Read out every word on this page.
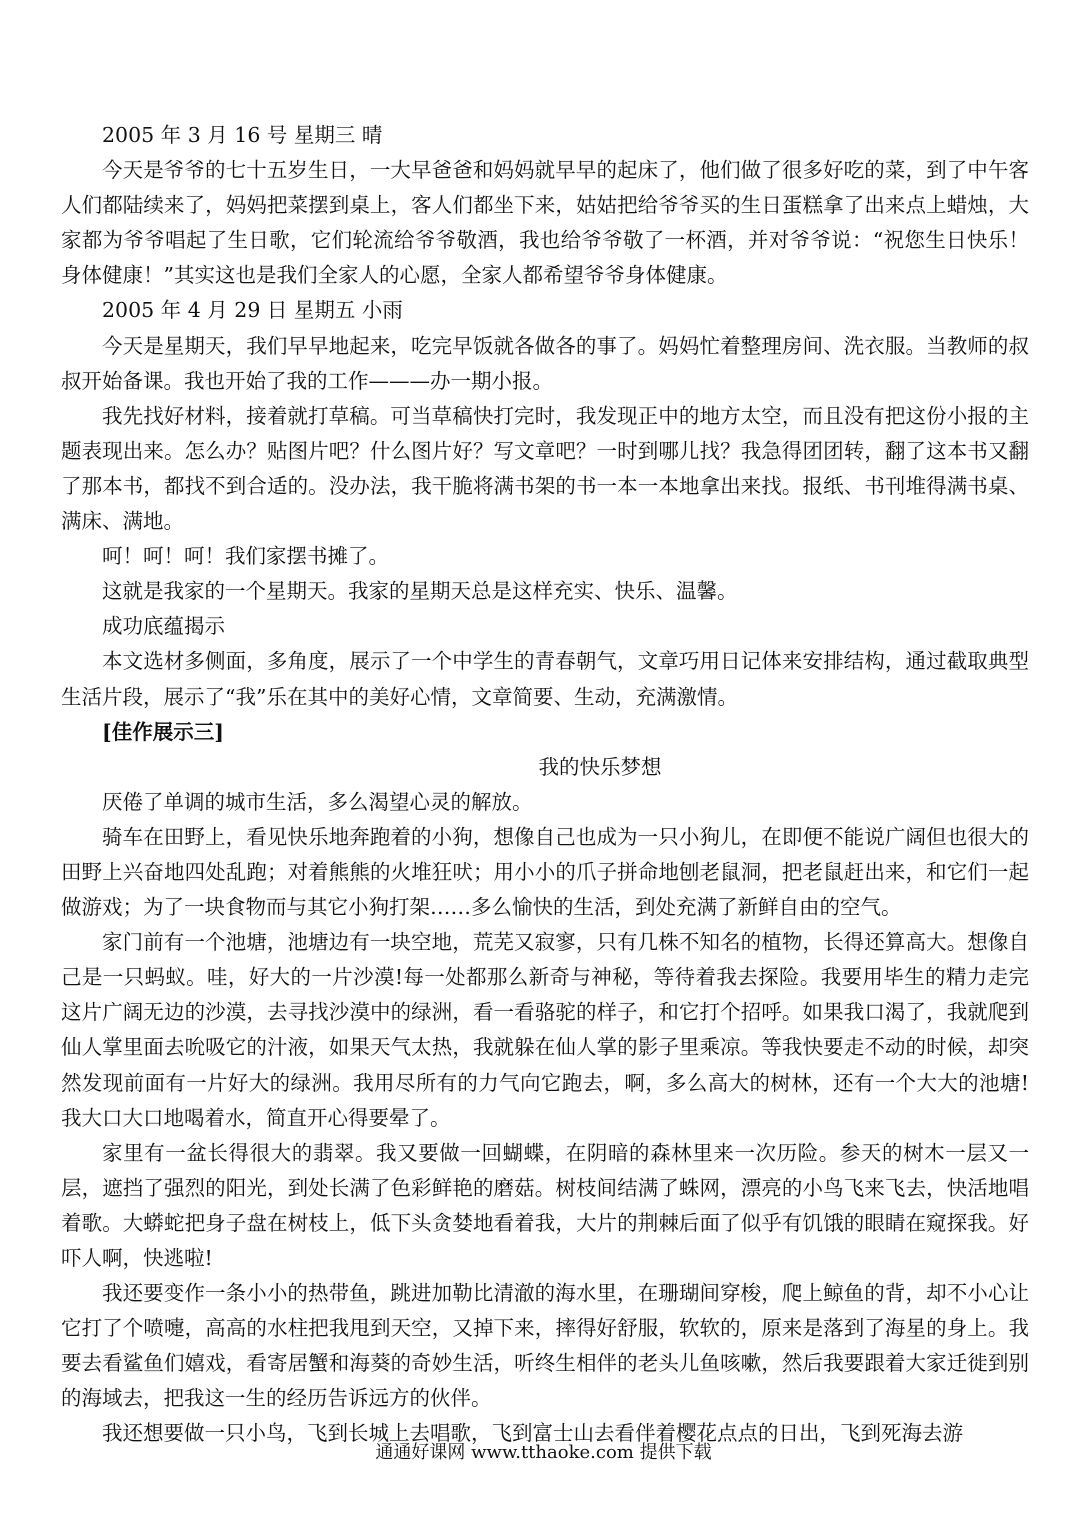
2005 年 3 月 16 号 星期三 晴

今天是爷爷的七十五岁生日，一大早爸爸和妈妈就早早的起床了，他们做了很多好吃的菜，到了中午客人们都陆续来了，妈妈把菜摆到桌上，客人们都坐下来，姑姑把给爷爷买的生日蛋糕拿了出来点上蜡烛，大家都为爷爷唱起了生日歌，它们轮流给爷爷敬酒，我也给爷爷敬了一杯酒，并对爷爷说：“祝您生日快乐！身体健康！”其实这也是我们全家人的心愿，全家人都希望爷爷身体健康。

2005 年 4 月 29 日 星期五 小雨

今天是星期天，我们早早地起来，吃完早饭就各做各的事了。妈妈忙着整理房间、洗衣服。当教师的叔叔开始备课。我也开始了我的工作———办一期小报。

我先找好材料，接着就打草稿。可当草稿快打完时，我发现正中的地方太空，而且没有把这份小报的主题表现出来。怎么办？贴图片吧？什么图片好？写文章吧？一时到哪儿找？我急得团团转，翻了这本书又翻了那本书，都找不到合适的。没办法，我干脆将满书架的书一本一本地拿出来找。报纸、书刊堆得满书桌、满床、满地。

呵！呵！呵！我们家摆书摊了。

这就是我家的一个星期天。我家的星期天总是这样充实、快乐、温馨。

成功底蕴揭示

本文选材多侧面，多角度，展示了一个中学生的青春朝气，文章巧用日记体来安排结构，通过截取典型生活片段，展示了“我”乐在其中的美好心情，文章简要、生动，充满激情。

[佳作展示三]

我的快乐梦想

厌倦了单调的城市生活，多么渴望心灵的解放。

骑车在田野上，看见快乐地奔跑着的小狗，想像自己也成为一只小狗儿，在即便不能说广阔但也很大的田野上兴奋地四处乱跑；对着熊熊的火堆狂吠；用小小的爪子拼命地刨老鼠洞，把老鼠赶出来，和它们一起做游戏；为了一块食物而与其它小狗打架……多么愉快的生活，到处充满了新鲜自由的空气。

家门前有一个池塘，池塘边有一块空地，荒芜又寂寥，只有几株不知名的植物，长得还算高大。想像自己是一只蚂蚁。哇，好大的一片沙漠!每一处都那么新奇与神秘，等待着我去探险。我要用毕生的精力走完这片广阔无边的沙漠，去寻找沙漠中的绿洲，看一看骆驼的样子，和它打个招呼。如果我口渴了，我就爬到仙人掌里面去吮吸它的汁液，如果天气太热，我就躲在仙人掌的影子里乘凉。等我快要走不动的时候，却突然发现前面有一片好大的绿洲。我用尽所有的力气向它跑去，啊，多么高大的树林，还有一个大大的池塘!我大口大口地喝着水，简直开心得要晕了。

家里有一盆长得很大的翡翠。我又要做一回蝴蝶，在阴暗的森林里来一次历险。参天的树木一层又一层，遮挡了强烈的阳光，到处长满了色彩鲜艳的磨菇。树枝间结满了蛛网，漂亮的小鸟飞来飞去，快活地唱着歌。大蟒蛇把身子盘在树枝上，低下头贪婪地看着我，大片的荆棘后面了似乎有饥饿的眼睛在窥探我。好吓人啊，快逃啦!

我还要变作一条小小的热带鱼，跳进加勒比清澈的海水里，在珊瑚间穿梭，爬上鲸鱼的背，却不小心让它打了个喷嚏，高高的水柱把我甩到天空，又掉下来，摔得好舒服，软软的，原来是落到了海星的身上。我要去看鲨鱼们嬉戏，看寄居蟹和海葵的奇妙生活，听终生相伴的老头儿鱼咳嗽，然后我要跟着大家迁徙到别的海域去，把我这一生的经历告诉远方的伙伴。

我还想要做一只小鸟，飞到长城上去唱歌，飞到富士山去看伴着樱花点点的日出，飞到死海去游

通通好课网 www.tthaoke.com 提供下载
